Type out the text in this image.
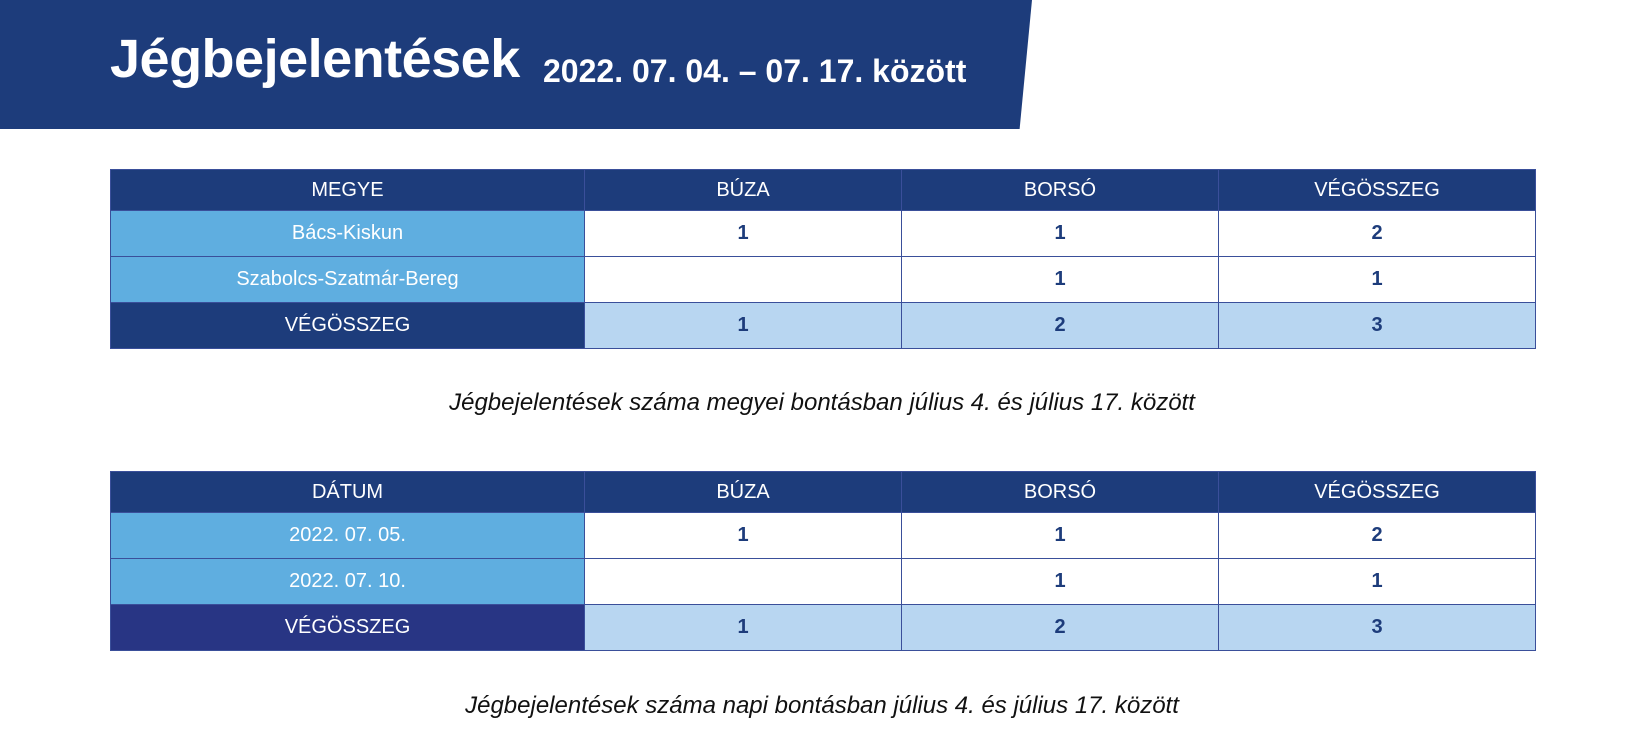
Jégbejelentések 2022. 07. 04. – 07. 17. között
MEGYE	BÚZA	BORSÓ	VÉGÖSSZEG
Bács-Kiskun	1	1	2
Szabolcs-Szatmár-Bereg		1	1
VÉGÖSSZEG	1	2	3
Jégbejelentések száma megyei bontásban július 4. és július 17. között
DÁTUM	BÚZA	BORSÓ	VÉGÖSSZEG
2022. 07. 05.	1	1	2
2022. 07. 10.		1	1
VÉGÖSSZEG	1	2	3
Jégbejelentések száma napi bontásban július 4. és július 17. között
